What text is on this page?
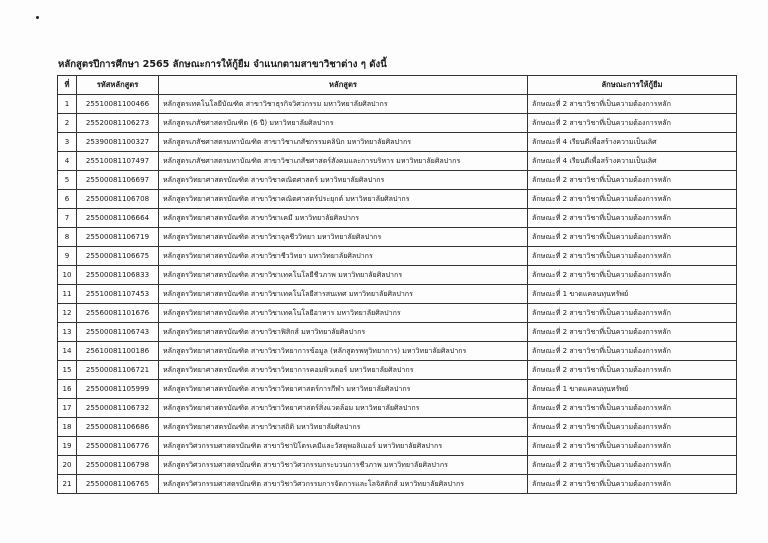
หลักสูตรปีการศึกษา 2565 ลักษณะการให้กู้ยืม จำแนกตามสาขาวิชาต่าง ๆ ดังนี้
ที่	รหัสหลักสูตร	หลักสูตร	ลักษณะการให้กู้ยืม
1	25510081100466	หลักสูตรเทคโนโลยีบัณฑิต สาขาวิชาธุรกิจวิศวกรรม มหาวิทยาลัยศิลปากร	ลักษณะที่ 2 สาขาวิชาที่เป็นความต้องการหลัก
2	25520081106273	หลักสูตรเภสัชศาสตรบัณฑิต (6 ปี) มหาวิทยาลัยศิลปากร	ลักษณะที่ 2 สาขาวิชาที่เป็นความต้องการหลัก
3	25390081100327	หลักสูตรเภสัชศาสตรมหาบัณฑิต สาขาวิชาเภสัชกรรมคลินิก มหาวิทยาลัยศิลปากร	ลักษณะที่ 4 เรียนดีเพื่อสร้างความเป็นเลิศ
4	25510081107497	หลักสูตรเภสัชศาสตรมหาบัณฑิต สาขาวิชาเภสัชศาสตร์สังคมและการบริหาร มหาวิทยาลัยศิลปากร	ลักษณะที่ 4 เรียนดีเพื่อสร้างความเป็นเลิศ
5	25500081106697	หลักสูตรวิทยาศาสตรบัณฑิต สาขาวิชาคณิตศาสตร์ มหาวิทยาลัยศิลปากร	ลักษณะที่ 2 สาขาวิชาที่เป็นความต้องการหลัก
6	25500081106708	หลักสูตรวิทยาศาสตรบัณฑิต สาขาวิชาคณิตศาสตร์ประยุกต์ มหาวิทยาลัยศิลปากร	ลักษณะที่ 2 สาขาวิชาที่เป็นความต้องการหลัก
7	25500081106664	หลักสูตรวิทยาศาสตรบัณฑิต สาขาวิชาเคมี มหาวิทยาลัยศิลปากร	ลักษณะที่ 2 สาขาวิชาที่เป็นความต้องการหลัก
8	25500081106719	หลักสูตรวิทยาศาสตรบัณฑิต สาขาวิชาจุลชีววิทยา มหาวิทยาลัยศิลปากร	ลักษณะที่ 2 สาขาวิชาที่เป็นความต้องการหลัก
9	25500081106675	หลักสูตรวิทยาศาสตรบัณฑิต สาขาวิชาชีววิทยา มหาวิทยาลัยศิลปากร	ลักษณะที่ 2 สาขาวิชาที่เป็นความต้องการหลัก
10	25500081106833	หลักสูตรวิทยาศาสตรบัณฑิต สาขาวิชาเทคโนโลยีชีวภาพ มหาวิทยาลัยศิลปากร	ลักษณะที่ 2 สาขาวิชาที่เป็นความต้องการหลัก
11	25510081107453	หลักสูตรวิทยาศาสตรบัณฑิต สาขาวิชาเทคโนโลยีสารสนเทศ มหาวิทยาลัยศิลปากร	ลักษณะที่ 1 ขาดแคลนทุนทรัพย์
12	25560081101676	หลักสูตรวิทยาศาสตรบัณฑิต สาขาวิชาเทคโนโลยีอาหาร มหาวิทยาลัยศิลปากร	ลักษณะที่ 2 สาขาวิชาที่เป็นความต้องการหลัก
13	25500081106743	หลักสูตรวิทยาศาสตรบัณฑิต สาขาวิชาฟิสิกส์ มหาวิทยาลัยศิลปากร	ลักษณะที่ 2 สาขาวิชาที่เป็นความต้องการหลัก
14	25610081100186	หลักสูตรวิทยาศาสตรบัณฑิต สาขาวิชาวิทยาการข้อมูล (หลักสูตรพหุวิทยาการ) มหาวิทยาลัยศิลปากร	ลักษณะที่ 2 สาขาวิชาที่เป็นความต้องการหลัก
15	25500081106721	หลักสูตรวิทยาศาสตรบัณฑิต สาขาวิชาวิทยาการคอมพิวเตอร์ มหาวิทยาลัยศิลปากร	ลักษณะที่ 2 สาขาวิชาที่เป็นความต้องการหลัก
16	25500081105999	หลักสูตรวิทยาศาสตรบัณฑิต สาขาวิชาวิทยาศาสตร์การกีฬา มหาวิทยาลัยศิลปากร	ลักษณะที่ 1 ขาดแคลนทุนทรัพย์
17	25500081106732	หลักสูตรวิทยาศาสตรบัณฑิต สาขาวิชาวิทยาศาสตร์สิ่งแวดล้อม มหาวิทยาลัยศิลปากร	ลักษณะที่ 2 สาขาวิชาที่เป็นความต้องการหลัก
18	25500081106686	หลักสูตรวิทยาศาสตรบัณฑิต สาขาวิชาสถิติ มหาวิทยาลัยศิลปากร	ลักษณะที่ 2 สาขาวิชาที่เป็นความต้องการหลัก
19	25500081106776	หลักสูตรวิศวกรรมศาสตรบัณฑิต สาขาวิชาปิโตรเคมีและวัสดุพอลิเมอร์ มหาวิทยาลัยศิลปากร	ลักษณะที่ 2 สาขาวิชาที่เป็นความต้องการหลัก
20	25500081106798	หลักสูตรวิศวกรรมศาสตรบัณฑิต สาขาวิชาวิศวกรรมกระบวนการชีวภาพ มหาวิทยาลัยศิลปากร	ลักษณะที่ 2 สาขาวิชาที่เป็นความต้องการหลัก
21	25500081106765	หลักสูตรวิศวกรรมศาสตรบัณฑิต สาขาวิชาวิศวกรรมการจัดการและโลจิสติกส์ มหาวิทยาลัยศิลปากร	ลักษณะที่ 2 สาขาวิชาที่เป็นความต้องการหลัก
